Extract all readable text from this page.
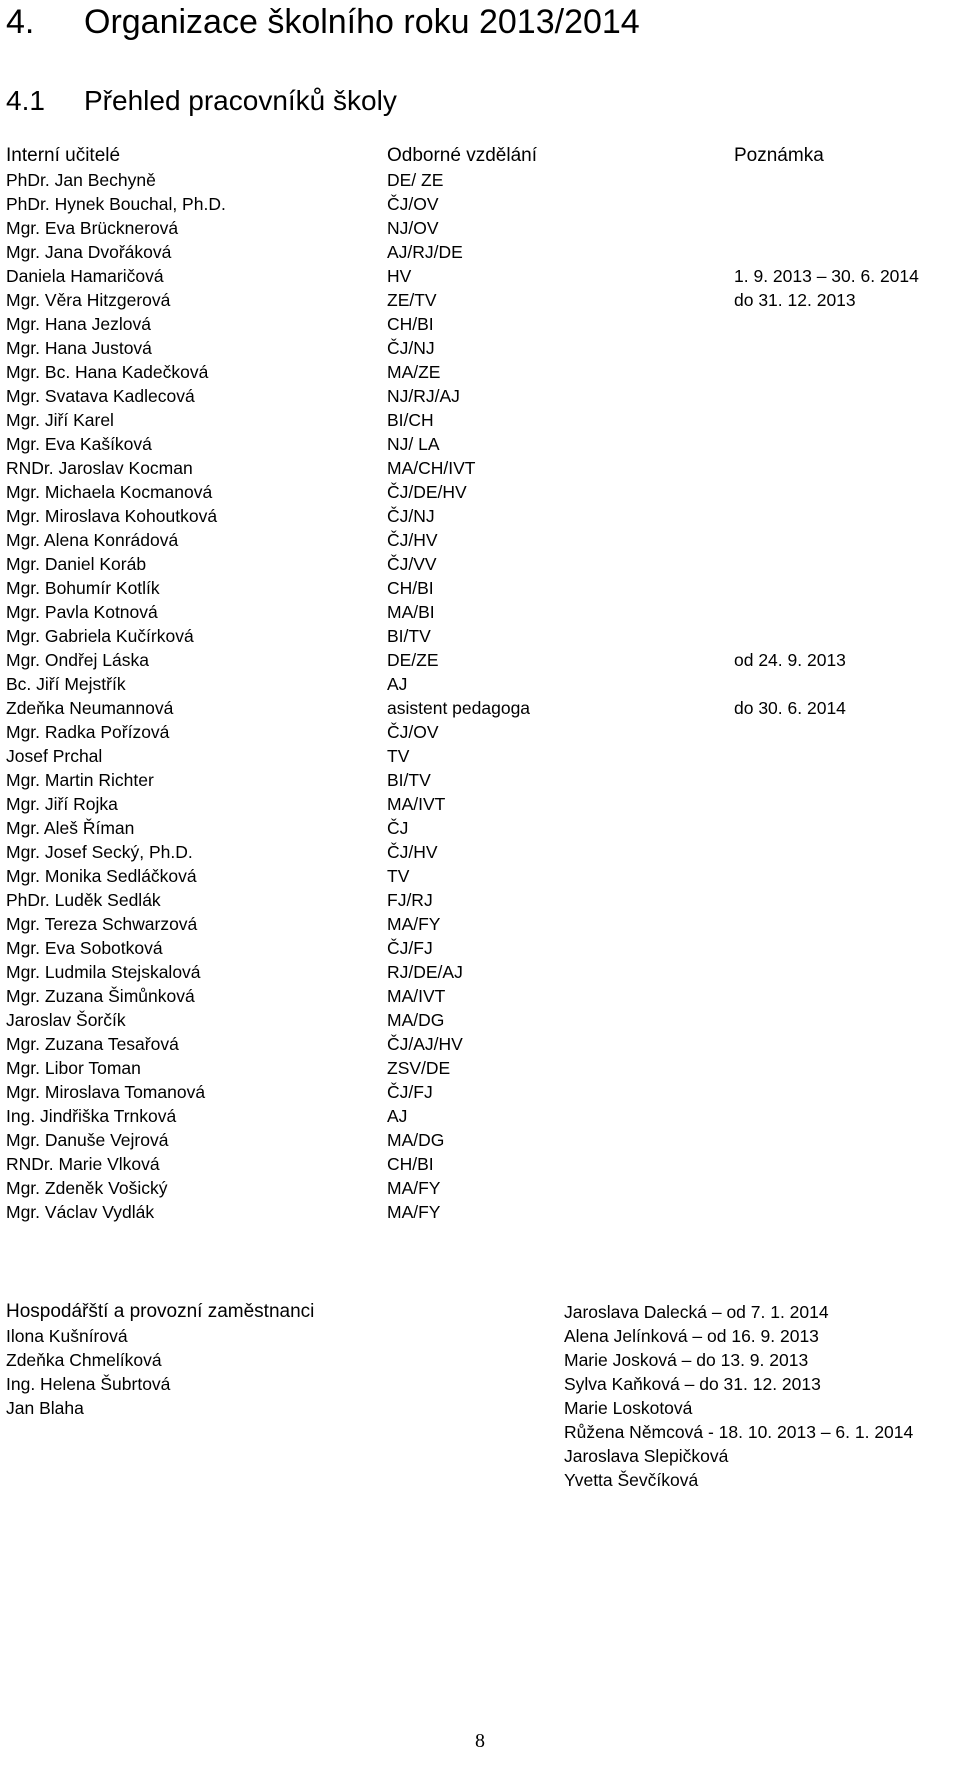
4. Organizace školního roku 2013/2014
4.1 Přehled pracovníků školy
Interní učitelé	Odborné vzdělání	Poznámka
PhDr. Jan Bechyně	DE/ ZE
PhDr. Hynek Bouchal, Ph.D.	ČJ/OV
Mgr. Eva Brücknerová	NJ/OV
Mgr. Jana Dvořáková	AJ/RJ/DE
Daniela Hamaričová	HV	1. 9. 2013 – 30. 6. 2014
Mgr. Věra Hitzgerová	ZE/TV	do 31. 12. 2013
Mgr. Hana Jezlová	CH/BI
Mgr. Hana Justová	ČJ/NJ
Mgr. Bc. Hana Kadečková	MA/ZE
Mgr. Svatava Kadlecová	NJ/RJ/AJ
Mgr. Jiří Karel	BI/CH
Mgr. Eva Kašíková	NJ/ LA
RNDr. Jaroslav Kocman	MA/CH/IVT
Mgr. Michaela Kocmanová	ČJ/DE/HV
Mgr. Miroslava Kohoutková	ČJ/NJ
Mgr. Alena Konrádová	ČJ/HV
Mgr. Daniel Koráb	ČJ/VV
Mgr. Bohumír Kotlík	CH/BI
Mgr. Pavla Kotnová	MA/BI
Mgr. Gabriela Kučírková	BI/TV
Mgr. Ondřej Láska	DE/ZE	od 24. 9. 2013
Bc. Jiří Mejstřík	AJ
Zdeňka Neumannová	asistent pedagoga	do 30. 6. 2014
Mgr. Radka Pořízová	ČJ/OV
Josef Prchal	TV
Mgr. Martin Richter	BI/TV
Mgr. Jiří Rojka	MA/IVT
Mgr. Aleš Říman	ČJ
Mgr. Josef Secký, Ph.D.	ČJ/HV
Mgr. Monika Sedláčková	TV
PhDr. Luděk Sedlák	FJ/RJ
Mgr. Tereza Schwarzová	MA/FY
Mgr. Eva Sobotková	ČJ/FJ
Mgr. Ludmila Stejskalová	RJ/DE/AJ
Mgr. Zuzana Šimůnková	MA/IVT
Jaroslav Šorčík	MA/DG
Mgr. Zuzana Tesařová	ČJ/AJ/HV
Mgr. Libor Toman	ZSV/DE
Mgr. Miroslava Tomanová	ČJ/FJ
Ing. Jindřiška Trnková	AJ
Mgr. Danuše Vejrová	MA/DG
RNDr. Marie Vlková	CH/BI
Mgr. Zdeněk Vošický	MA/FY
Mgr. Václav Vydlák	MA/FY
Hospodářští a provozní zaměstnanci
Ilona Kušnírová
Zdeňka Chmelíková
Ing. Helena Šubrtová
Jan Blaha
Jaroslava Dalecká – od 7. 1. 2014
Alena Jelínková – od 16. 9. 2013
Marie Josková – do 13. 9. 2013
Sylva Kaňková – do 31. 12. 2013
Marie Loskotová
Růžena Němcová - 18. 10. 2013 – 6. 1. 2014
Jaroslava Slepičková
Yvetta Ševčíková
8
